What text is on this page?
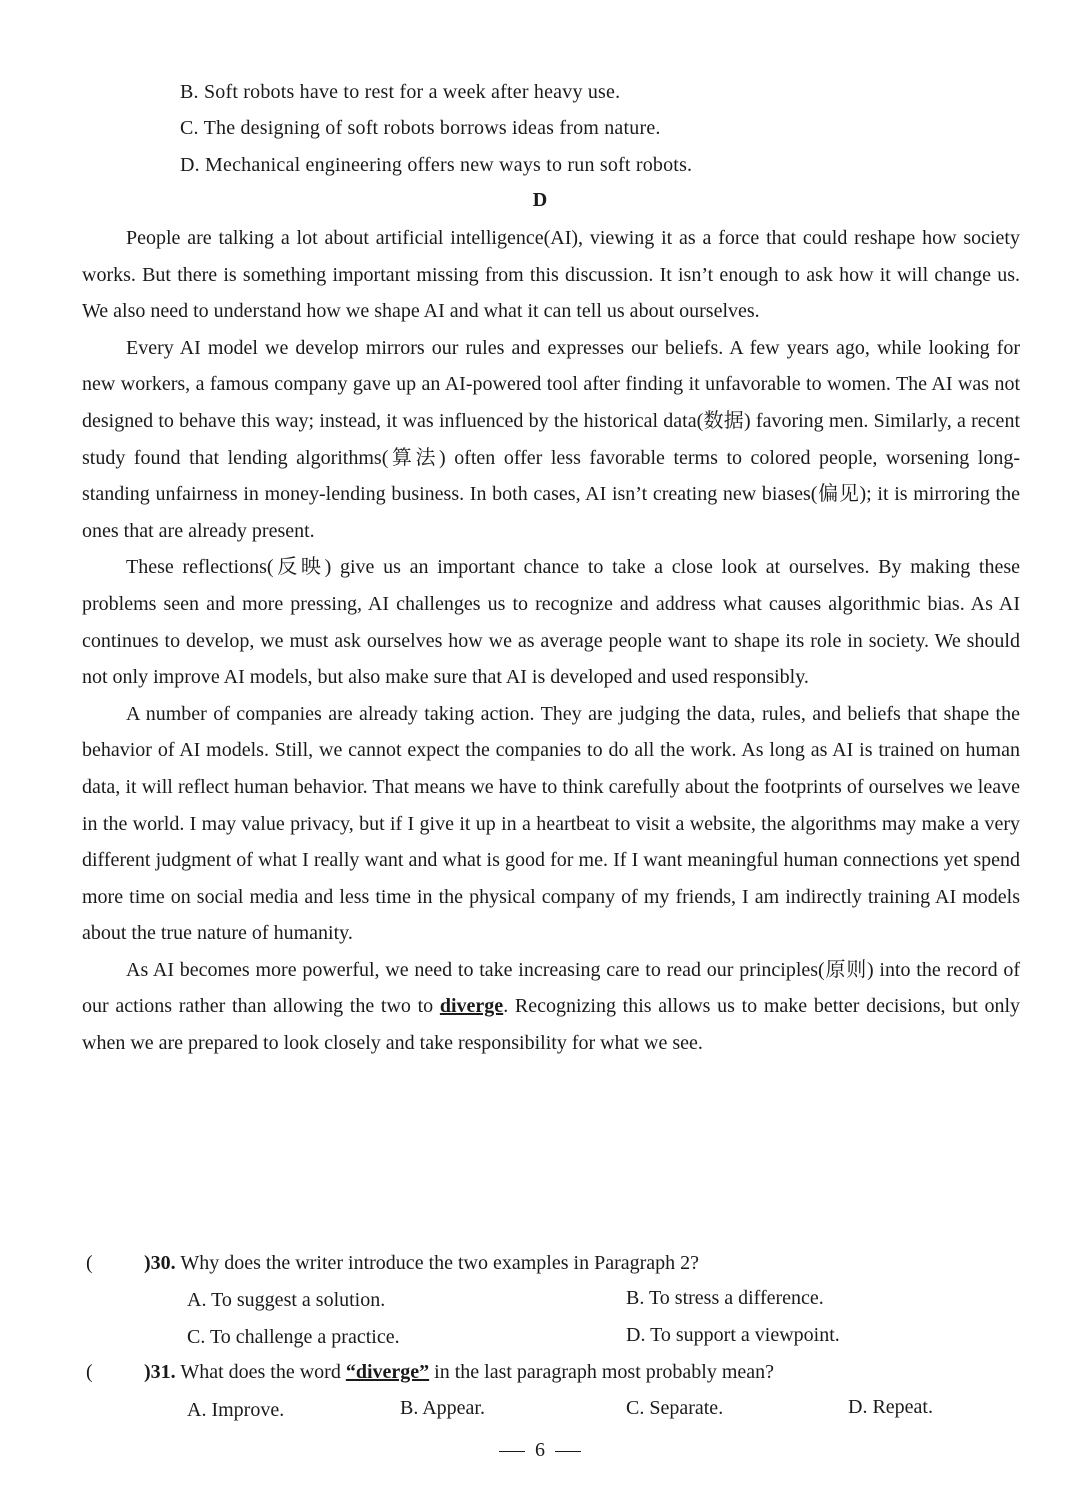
B. Soft robots have to rest for a week after heavy use.
C. The designing of soft robots borrows ideas from nature.
D. Mechanical engineering offers new ways to run soft robots.
D

People are talking a lot about artificial intelligence(AI), viewing it as a force that could reshape how society works. But there is something important missing from this discussion. It isn’t enough to ask how it will change us. We also need to understand how we shape AI and what it can tell us about ourselves.

Every AI model we develop mirrors our rules and expresses our beliefs. A few years ago, while looking for new workers, a famous company gave up an AI-powered tool after finding it unfavorable to women. The AI was not designed to behave this way; instead, it was influenced by the historical data(数据) favoring men. Similarly, a recent study found that lending algorithms(算法) often offer less favorable terms to colored people, worsening long-standing unfairness in money-lending business. In both cases, AI isn’t creating new biases(偏见); it is mirroring the ones that are already present.

These reflections(反映) give us an important chance to take a close look at ourselves. By making these problems seen and more pressing, AI challenges us to recognize and address what causes algorithmic bias. As AI continues to develop, we must ask ourselves how we as average people want to shape its role in society. We should not only improve AI models, but also make sure that AI is developed and used responsibly.

A number of companies are already taking action. They are judging the data, rules, and beliefs that shape the behavior of AI models. Still, we cannot expect the companies to do all the work. As long as AI is trained on human data, it will reflect human behavior. That means we have to think carefully about the footprints of ourselves we leave in the world. I may value privacy, but if I give it up in a heartbeat to visit a website, the algorithms may make a very different judgment of what I really want and what is good for me. If I want meaningful human connections yet spend more time on social media and less time in the physical company of my friends, I am indirectly training AI models about the true nature of humanity.

As AI becomes more powerful, we need to take increasing care to read our principles(原则) into the record of our actions rather than allowing the two to diverge. Recognizing this allows us to make better decisions, but only when we are prepared to look closely and take responsibility for what we see.

(	)30. Why does the writer introduce the two examples in Paragraph 2?
A. To suggest a solution.	B. To stress a difference.
C. To challenge a practice.	D. To support a viewpoint.
(	)31. What does the word “diverge” in the last paragraph most probably mean?
A. Improve.	B. Appear.	C. Separate.	D. Repeat.
6
